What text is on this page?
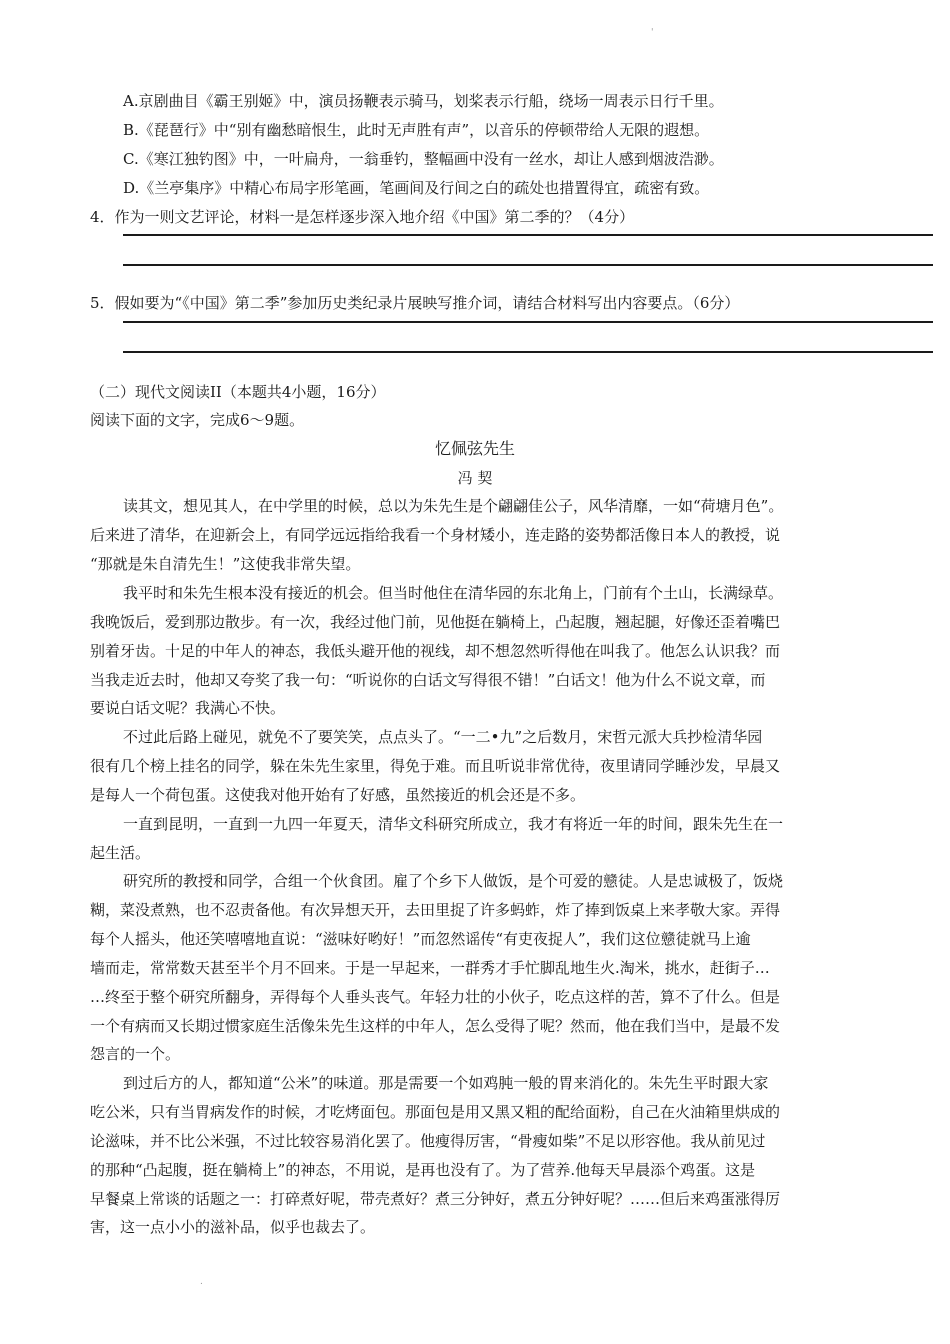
'
A.京剧曲目《霸王别姬》中，演员扬鞭表示骑马，划桨表示行船，绕场一周表示日行千里。
B.《琵琶行》中“别有幽愁暗恨生，此时无声胜有声”，以音乐的停顿带给人无限的遐想。
C.《寒江独钓图》中，一叶扁舟，一翁垂钓，整幅画中没有一丝水，却让人感到烟波浩渺。
D.《兰亭集序》中精心布局字形笔画，笔画间及行间之白的疏处也措置得宜，疏密有致。
4．作为一则文艺评论，材料一是怎样逐步深入地介绍《中国》第二季的？（4分）
5．假如要为“《中国》第二季”参加历史类纪录片展映写推介词，请结合材料写出内容要点。（6分）
（二）现代文阅读II（本题共4小题，16分）
阅读下面的文字，完成6～9题。
忆佩弦先生
冯 契
读其文，想见其人，在中学里的时候，总以为朱先生是个翩翩佳公子，风华清靡，一如“荷塘月色”。
后来进了清华，在迎新会上，有同学远远指给我看一个身材矮小，连走路的姿势都活像日本人的教授，说
“那就是朱自清先生！”这使我非常失望。
我平时和朱先生根本没有接近的机会。但当时他住在清华园的东北角上，门前有个土山，长满绿草。
我晚饭后，爱到那边散步。有一次，我经过他门前，见他挺在躺椅上，凸起腹，翘起腿，好像还歪着嘴巴
别着牙齿。十足的中年人的神态，我低头避开他的视线，却不想忽然听得他在叫我了。他怎么认识我？而
当我走近去时，他却又夸奖了我一句：“听说你的白话文写得很不错！”白话文！他为什么不说文章，而
要说白话文呢？我满心不快。
不过此后路上碰见，就免不了要笑笑，点点头了。“一二•九”之后数月，宋哲元派大兵抄检清华园
很有几个榜上挂名的同学，躲在朱先生家里，得免于难。而且听说非常优待，夜里请同学睡沙发，早晨又
是每人一个荷包蛋。这使我对他开始有了好感，虽然接近的机会还是不多。
一直到昆明，一直到一九四一年夏天，清华文科研究所成立，我才有将近一年的时间，跟朱先生在一
起生活。
研究所的教授和同学，合组一个伙食团。雇了个乡下人做饭，是个可爱的戆徒。人是忠诚极了，饭烧
糊，菜没煮熟，也不忍责备他。有次异想天开，去田里捉了许多蚂蚱，炸了捧到饭桌上来孝敬大家。弄得
每个人摇头，他还笑嘻嘻地直说：“滋味好哟好！”而忽然谣传“有吏夜捉人”，我们这位戆徒就马上逾
墙而走，常常数天甚至半个月不回来。于是一早起来，一群秀才手忙脚乱地生火.淘米，挑水，赶街子…
…终至于整个研究所翻身，弄得每个人垂头丧气。年轻力壮的小伙子，吃点这样的苦，算不了什么。但是
一个有病而又长期过惯家庭生活像朱先生这样的中年人，怎么受得了呢？然而，他在我们当中，是最不发
怨言的一个。
到过后方的人，都知道“公米”的味道。那是需要一个如鸡肫一般的胃来消化的。朱先生平时跟大家
吃公米，只有当胃病发作的时候，才吃烤面包。那面包是用又黑又粗的配给面粉，自己在火油箱里烘成的
论滋味，并不比公米强，不过比较容易消化罢了。他瘦得厉害，“骨瘦如柴”不足以形容他。我从前见过
的那种“凸起腹，挺在躺椅上”的神态，不用说，是再也没有了。为了营养.他每天早晨添个鸡蛋。这是
早餐桌上常谈的话题之一：打碎煮好呢，带壳煮好？煮三分钟好，煮五分钟好呢？……但后来鸡蛋涨得厉
害，这一点小小的滋补品，似乎也裁去了。
.
